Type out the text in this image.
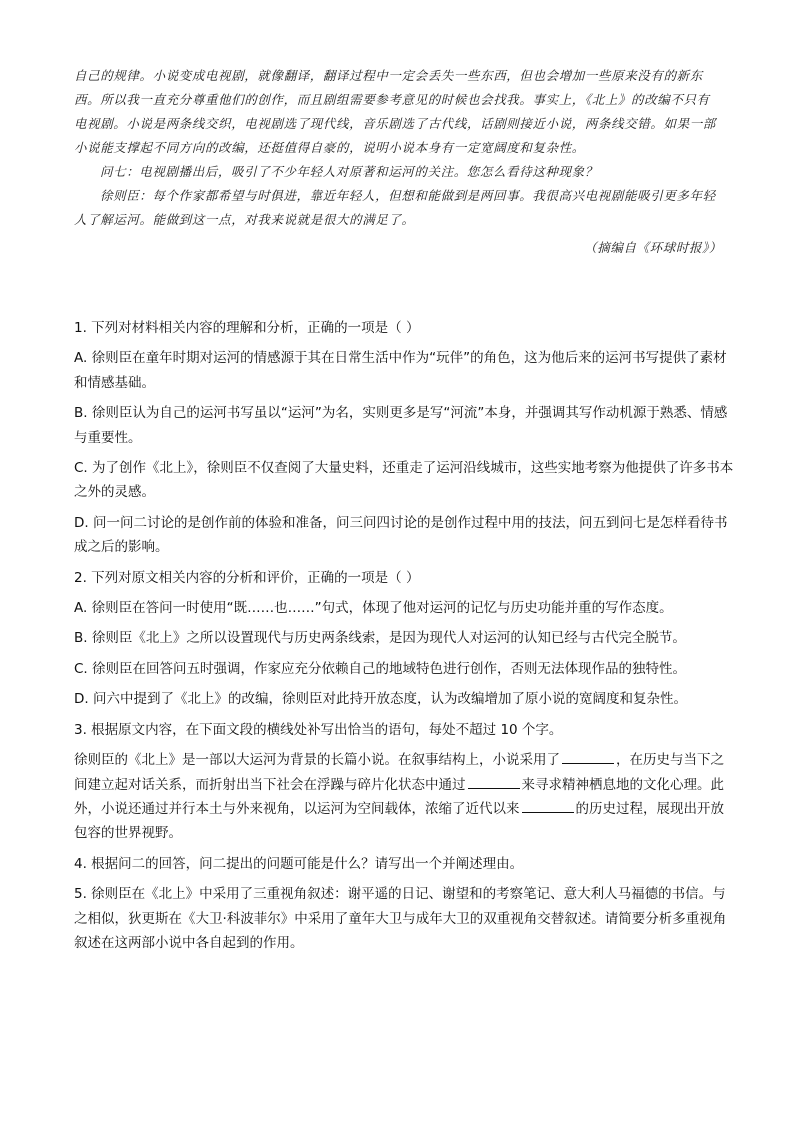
自己的规律。小说变成电视剧，就像翻译，翻译过程中一定会丢失一些东西，但也会增加一些原来没有的新东西。所以我一直充分尊重他们的创作，而且剧组需要参考意见的时候也会找我。事实上，《北上》的改编不只有电视剧。小说是两条线交织，电视剧选了现代线，音乐剧选了古代线，话剧则接近小说，两条线交错。如果一部小说能支撑起不同方向的改编，还挺值得自豪的，说明小说本身有一定宽阔度和复杂性。

问七：电视剧播出后，吸引了不少年轻人对原著和运河的关注。您怎么看待这种现象？

徐则臣：每个作家都希望与时俱进，靠近年轻人，但想和能做到是两回事。我很高兴电视剧能吸引更多年轻人了解运河。能做到这一点，对我来说就是很大的满足了。

（摘编自《环球时报》）

1. 下列对材料相关内容的理解和分析，正确的一项是（ ）

A. 徐则臣在童年时期对运河的情感源于其在日常生活中作为“玩伴”的角色，这为他后来的运河书写提供了素材和情感基础。

B. 徐则臣认为自己的运河书写虽以“运河”为名，实则更多是写“河流”本身，并强调其写作动机源于熟悉、情感与重要性。

C. 为了创作《北上》，徐则臣不仅查阅了大量史料，还重走了运河沿线城市，这些实地考察为他提供了许多书本之外的灵感。

D. 问一问二讨论的是创作前的体验和准备，问三问四讨论的是创作过程中用的技法，问五到问七是怎样看待书成之后的影响。

2. 下列对原文相关内容的分析和评价，正确的一项是（ ）

A. 徐则臣在答问一时使用“既……也……”句式，体现了他对运河的记忆与历史功能并重的写作态度。

B. 徐则臣《北上》之所以设置现代与历史两条线索，是因为现代人对运河的认知已经与古代完全脱节。

C. 徐则臣在回答问五时强调，作家应充分依赖自己的地域特色进行创作，否则无法体现作品的独特性。

D. 问六中提到了《北上》的改编，徐则臣对此持开放态度，认为改编增加了原小说的宽阔度和复杂性。

3. 根据原文内容，在下面文段的横线处补写出恰当的语句，每处不超过 10 个字。

徐则臣的《北上》是一部以大运河为背景的长篇小说。在叙事结构上，小说采用了	，在历史与当下之间建立起对话关系，而折射出当下社会在浮躁与碎片化状态中通过	来寻求精神栖息地的文化心理。此外，小说还通过并行本土与外来视角，以运河为空间载体，浓缩了近代以来	的历史过程，展现出开放包容的世界视野。

4. 根据问二的回答，问二提出的问题可能是什么？请写出一个并阐述理由。

5. 徐则臣在《北上》中采用了三重视角叙述：谢平遥的日记、谢望和的考察笔记、意大利人马福德的书信。与之相似，狄更斯在《大卫·科波菲尔》中采用了童年大卫与成年大卫的双重视角交替叙述。请简要分析多重视角叙述在这两部小说中各自起到的作用。
